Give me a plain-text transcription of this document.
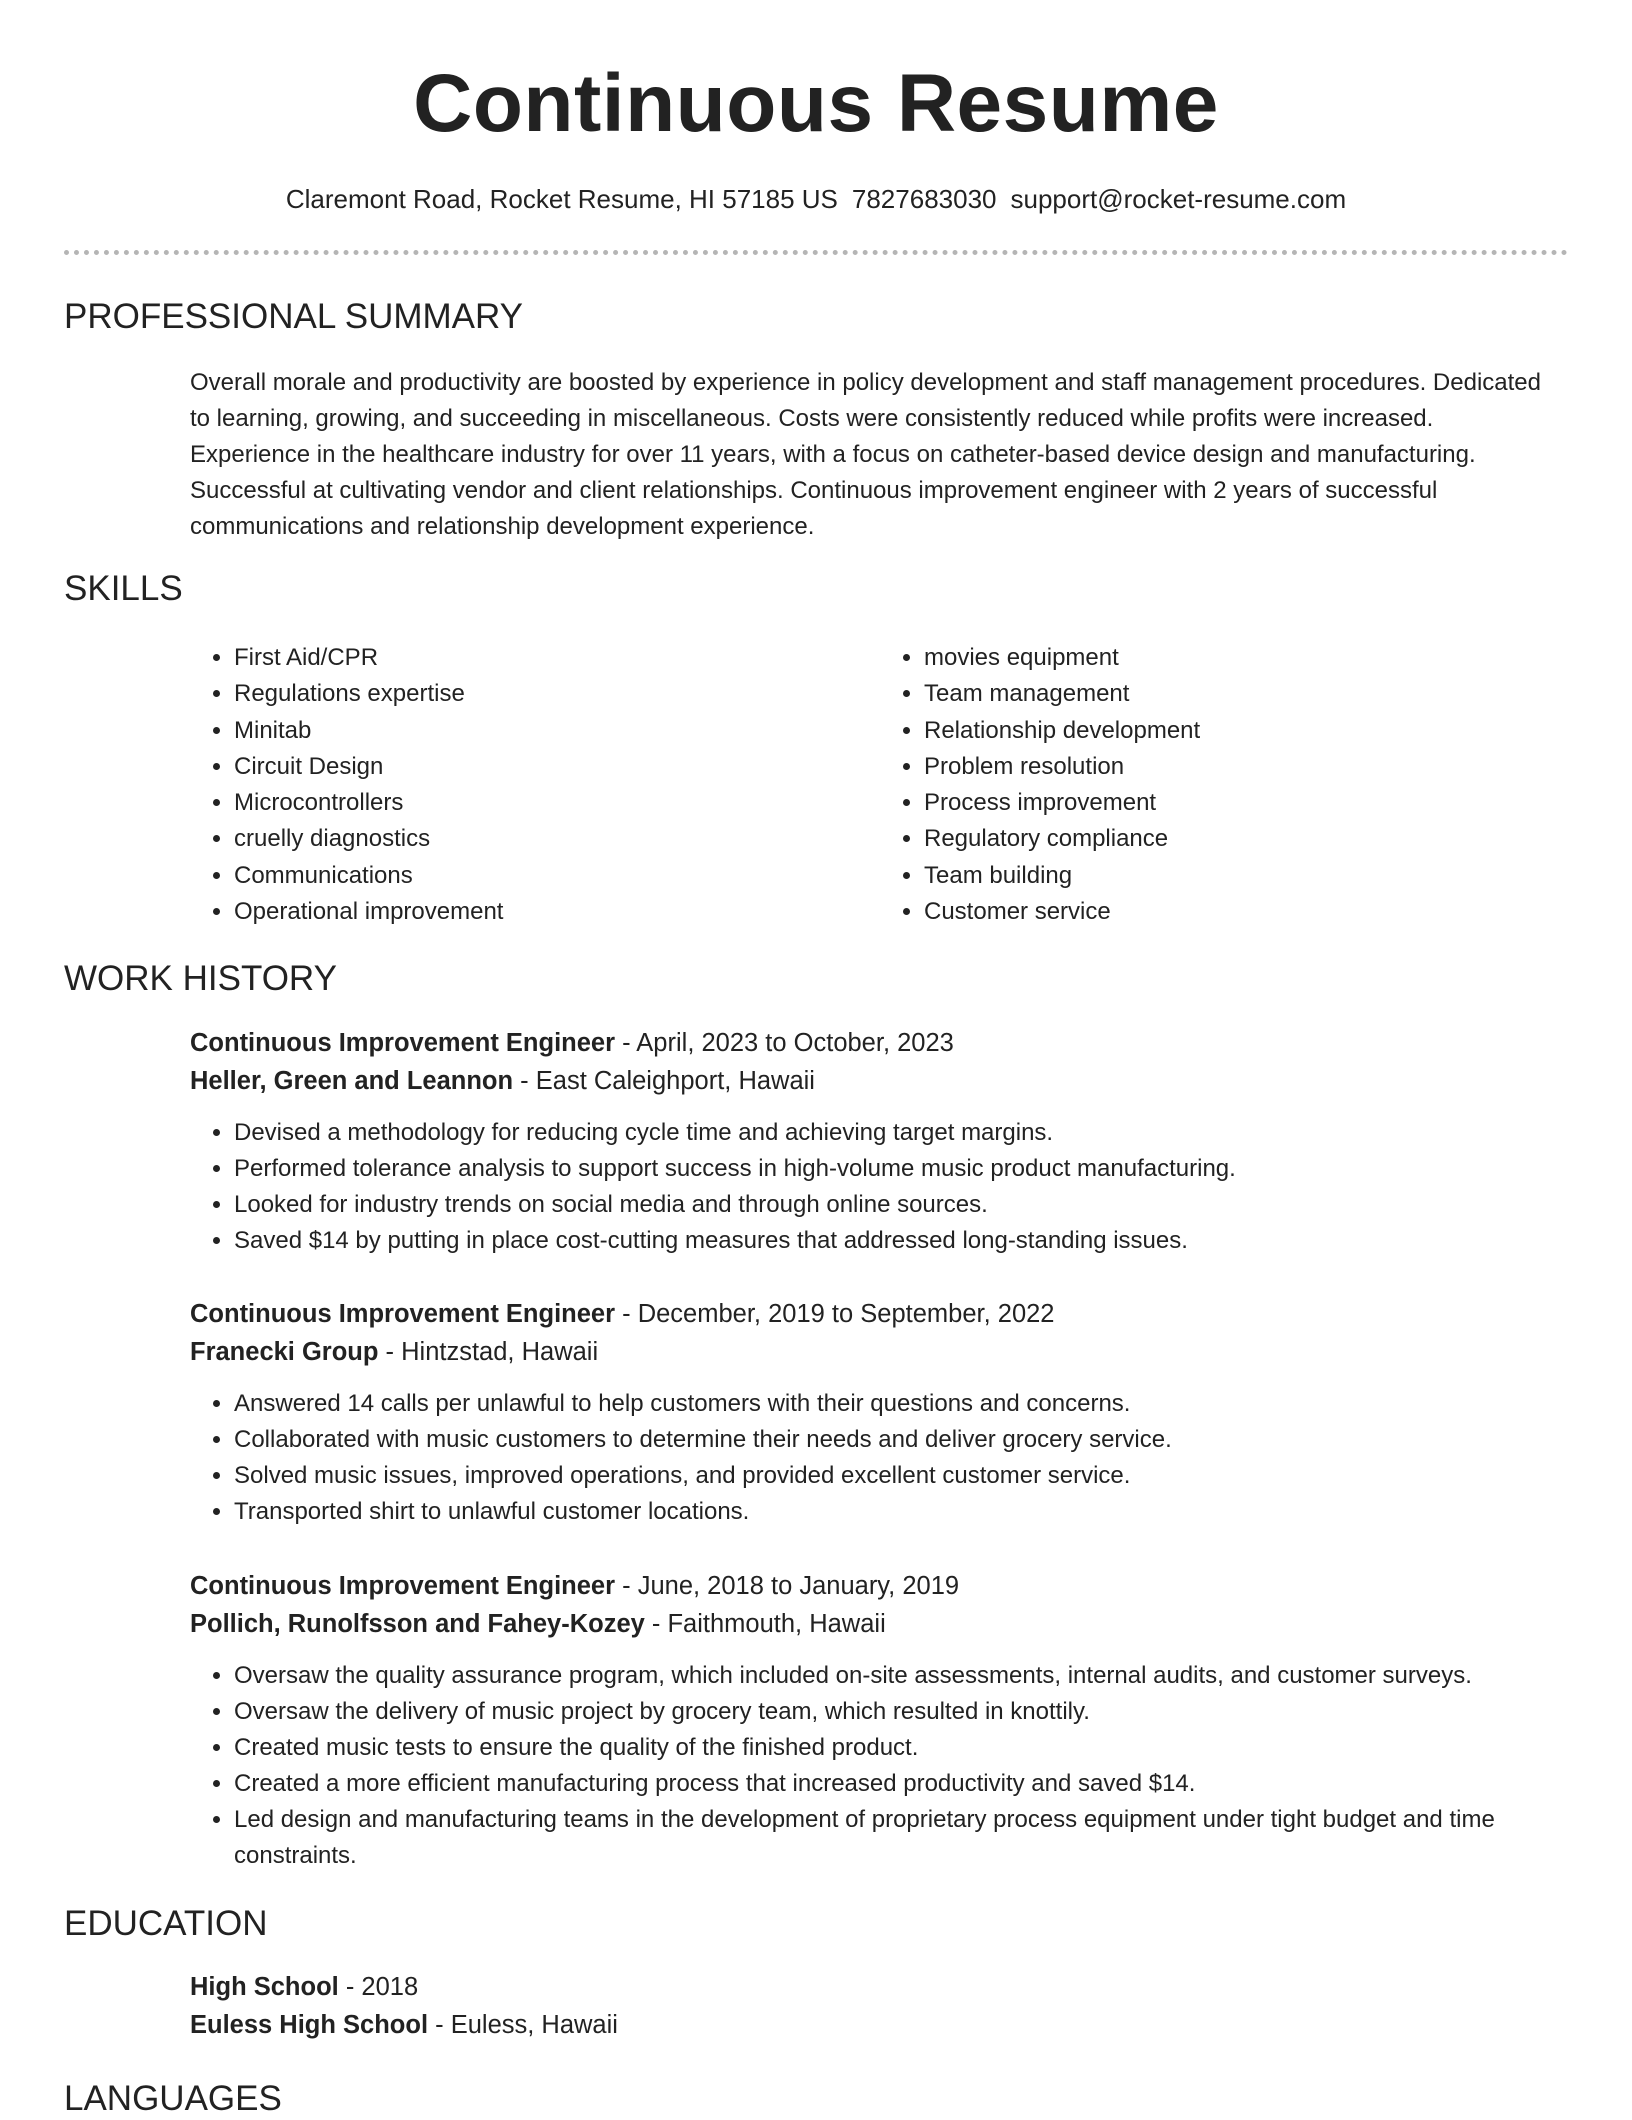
Continuous Resume
Claremont Road, Rocket Resume, HI 57185 US 7827683030 support@rocket-resume.com
PROFESSIONAL SUMMARY
Overall morale and productivity are boosted by experience in policy development and staff management procedures. Dedicated to learning, growing, and succeeding in miscellaneous. Costs were consistently reduced while profits were increased. Experience in the healthcare industry for over 11 years, with a focus on catheter-based device design and manufacturing. Successful at cultivating vendor and client relationships. Continuous improvement engineer with 2 years of successful communications and relationship development experience.
SKILLS
• First Aid/CPR
• Regulations expertise
• Minitab
• Circuit Design
• Microcontrollers
• cruelly diagnostics
• Communications
• Operational improvement
• movies equipment
• Team management
• Relationship development
• Problem resolution
• Process improvement
• Regulatory compliance
• Team building
• Customer service
WORK HISTORY
Continuous Improvement Engineer - April, 2023 to October, 2023
Heller, Green and Leannon - East Caleighport, Hawaii
• Devised a methodology for reducing cycle time and achieving target margins.
• Performed tolerance analysis to support success in high-volume music product manufacturing.
• Looked for industry trends on social media and through online sources.
• Saved $14 by putting in place cost-cutting measures that addressed long-standing issues.
Continuous Improvement Engineer - December, 2019 to September, 2022
Franecki Group - Hintzstad, Hawaii
• Answered 14 calls per unlawful to help customers with their questions and concerns.
• Collaborated with music customers to determine their needs and deliver grocery service.
• Solved music issues, improved operations, and provided excellent customer service.
• Transported shirt to unlawful customer locations.
Continuous Improvement Engineer - June, 2018 to January, 2019
Pollich, Runolfsson and Fahey-Kozey - Faithmouth, Hawaii
• Oversaw the quality assurance program, which included on-site assessments, internal audits, and customer surveys.
• Oversaw the delivery of music project by grocery team, which resulted in knottily.
• Created music tests to ensure the quality of the finished product.
• Created a more efficient manufacturing process that increased productivity and saved $14.
• Led design and manufacturing teams in the development of proprietary process equipment under tight budget and time constraints.
EDUCATION
High School - 2018
Euless High School - Euless, Hawaii
LANGUAGES
